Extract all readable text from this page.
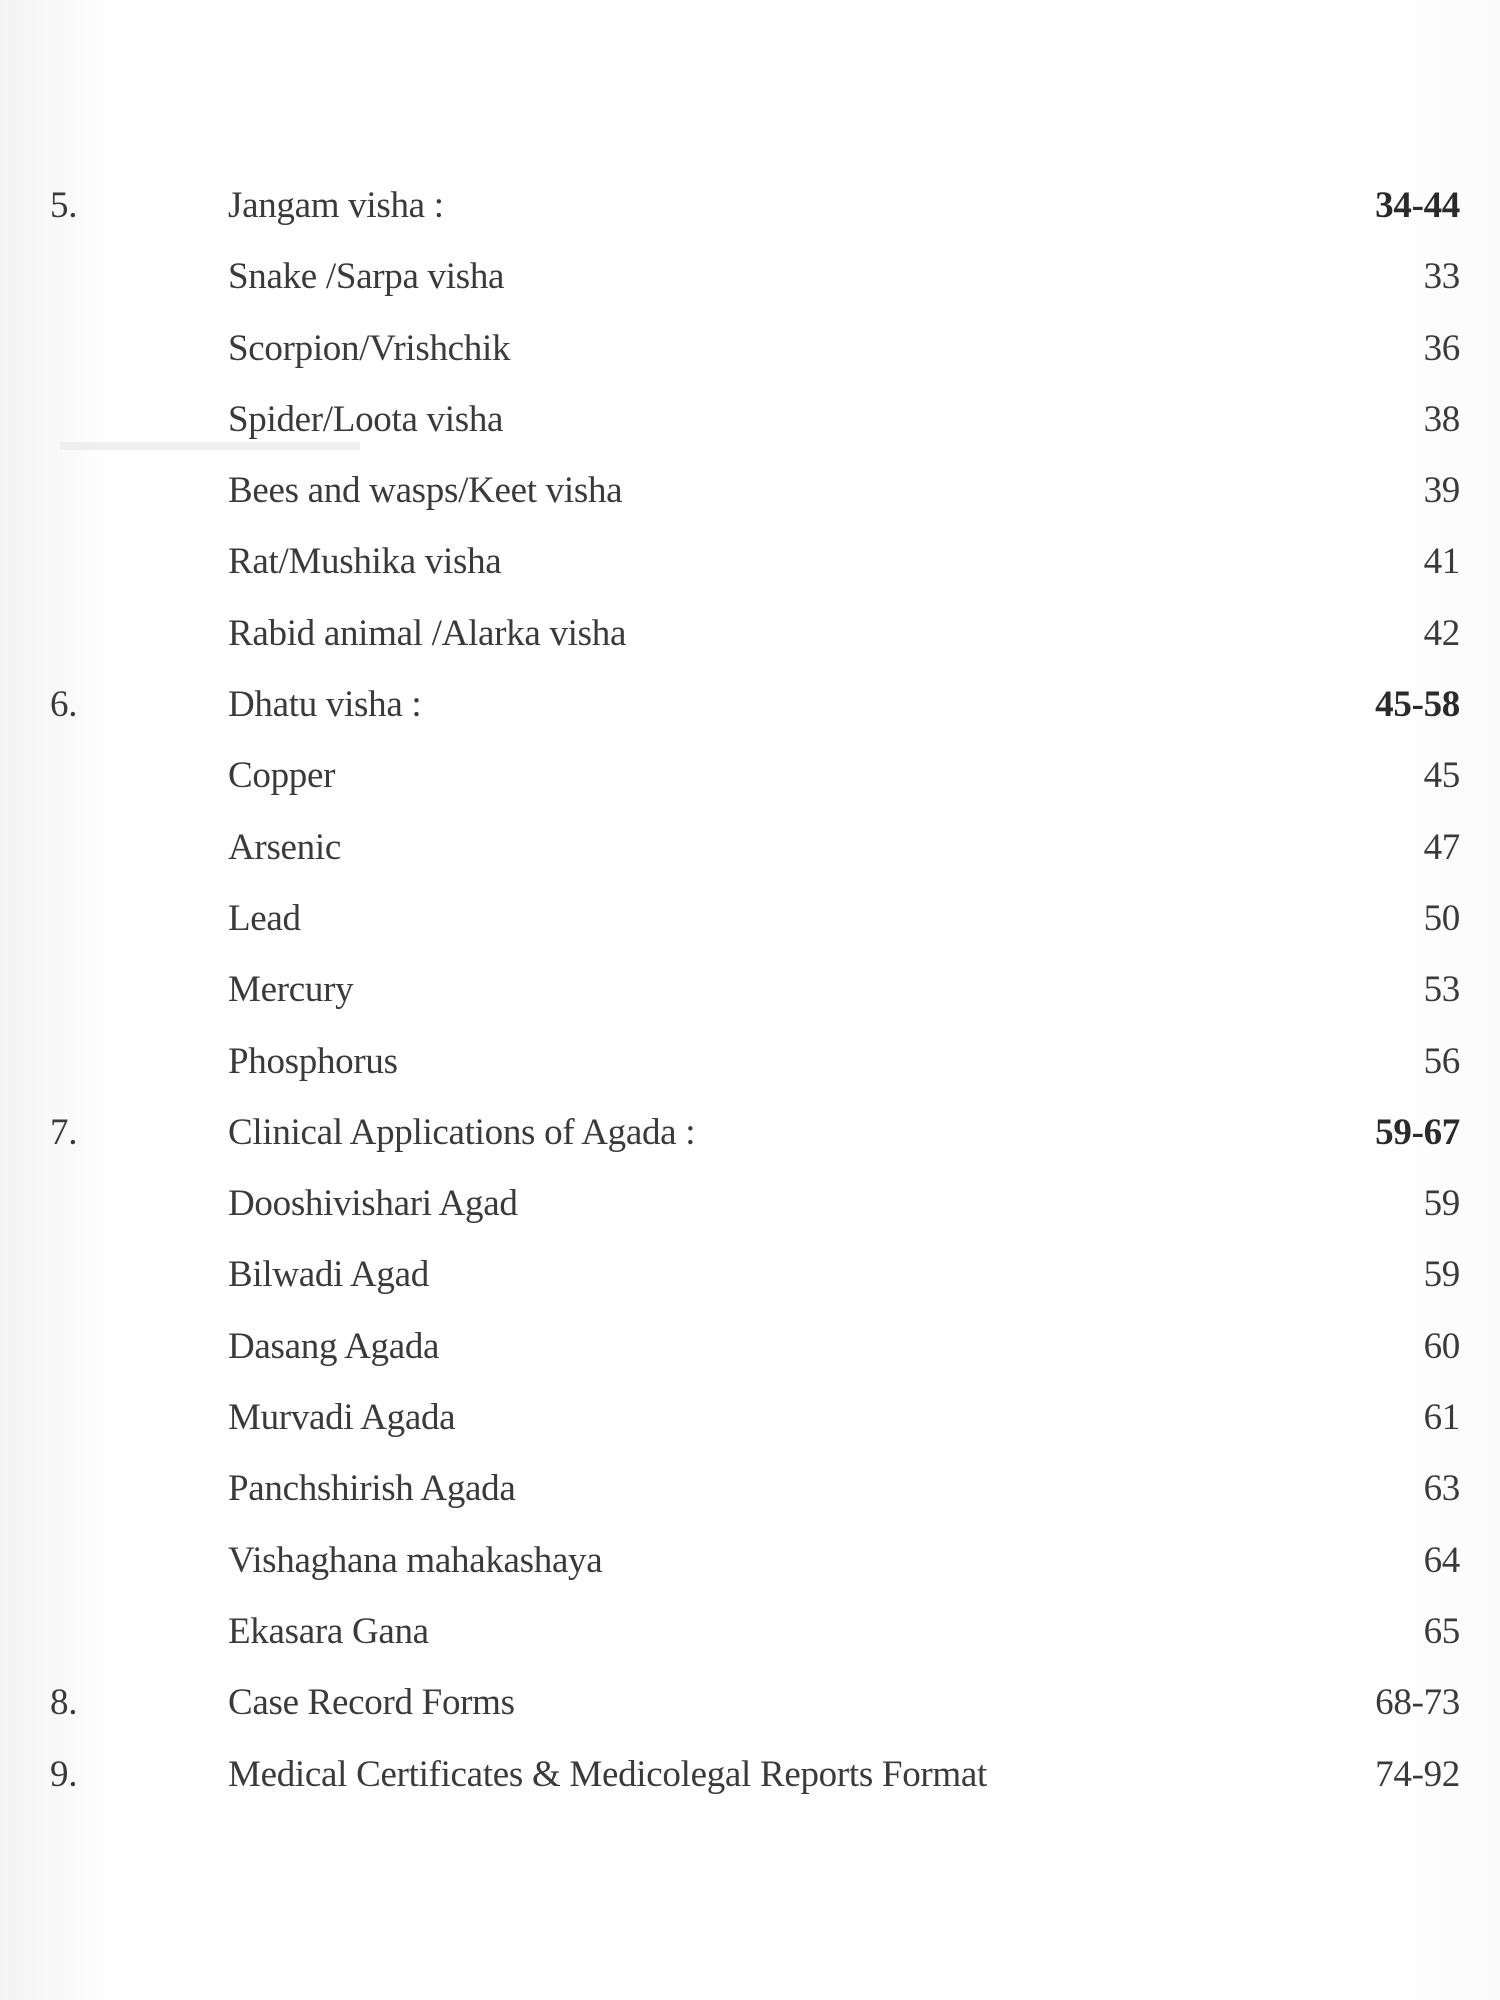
5.	Jangam visha :	34-44
Snake /Sarpa visha	33
Scorpion/Vrishchik	36
Spider/Loota visha	38
Bees and wasps/Keet visha	39
Rat/Mushika visha	41
Rabid animal /Alarka visha	42
6.	Dhatu visha :	45-58
Copper	45
Arsenic	47
Lead	50
Mercury	53
Phosphorus	56
7.	Clinical Applications of Agada :	59-67
Dooshivishari Agad	59
Bilwadi Agad	59
Dasang Agada	60
Murvadi Agada	61
Panchshirish Agada	63
Vishaghana mahakashaya	64
Ekasara Gana	65
8.	Case Record Forms	68-73
9.	Medical Certificates & Medicolegal Reports Format	74-92
